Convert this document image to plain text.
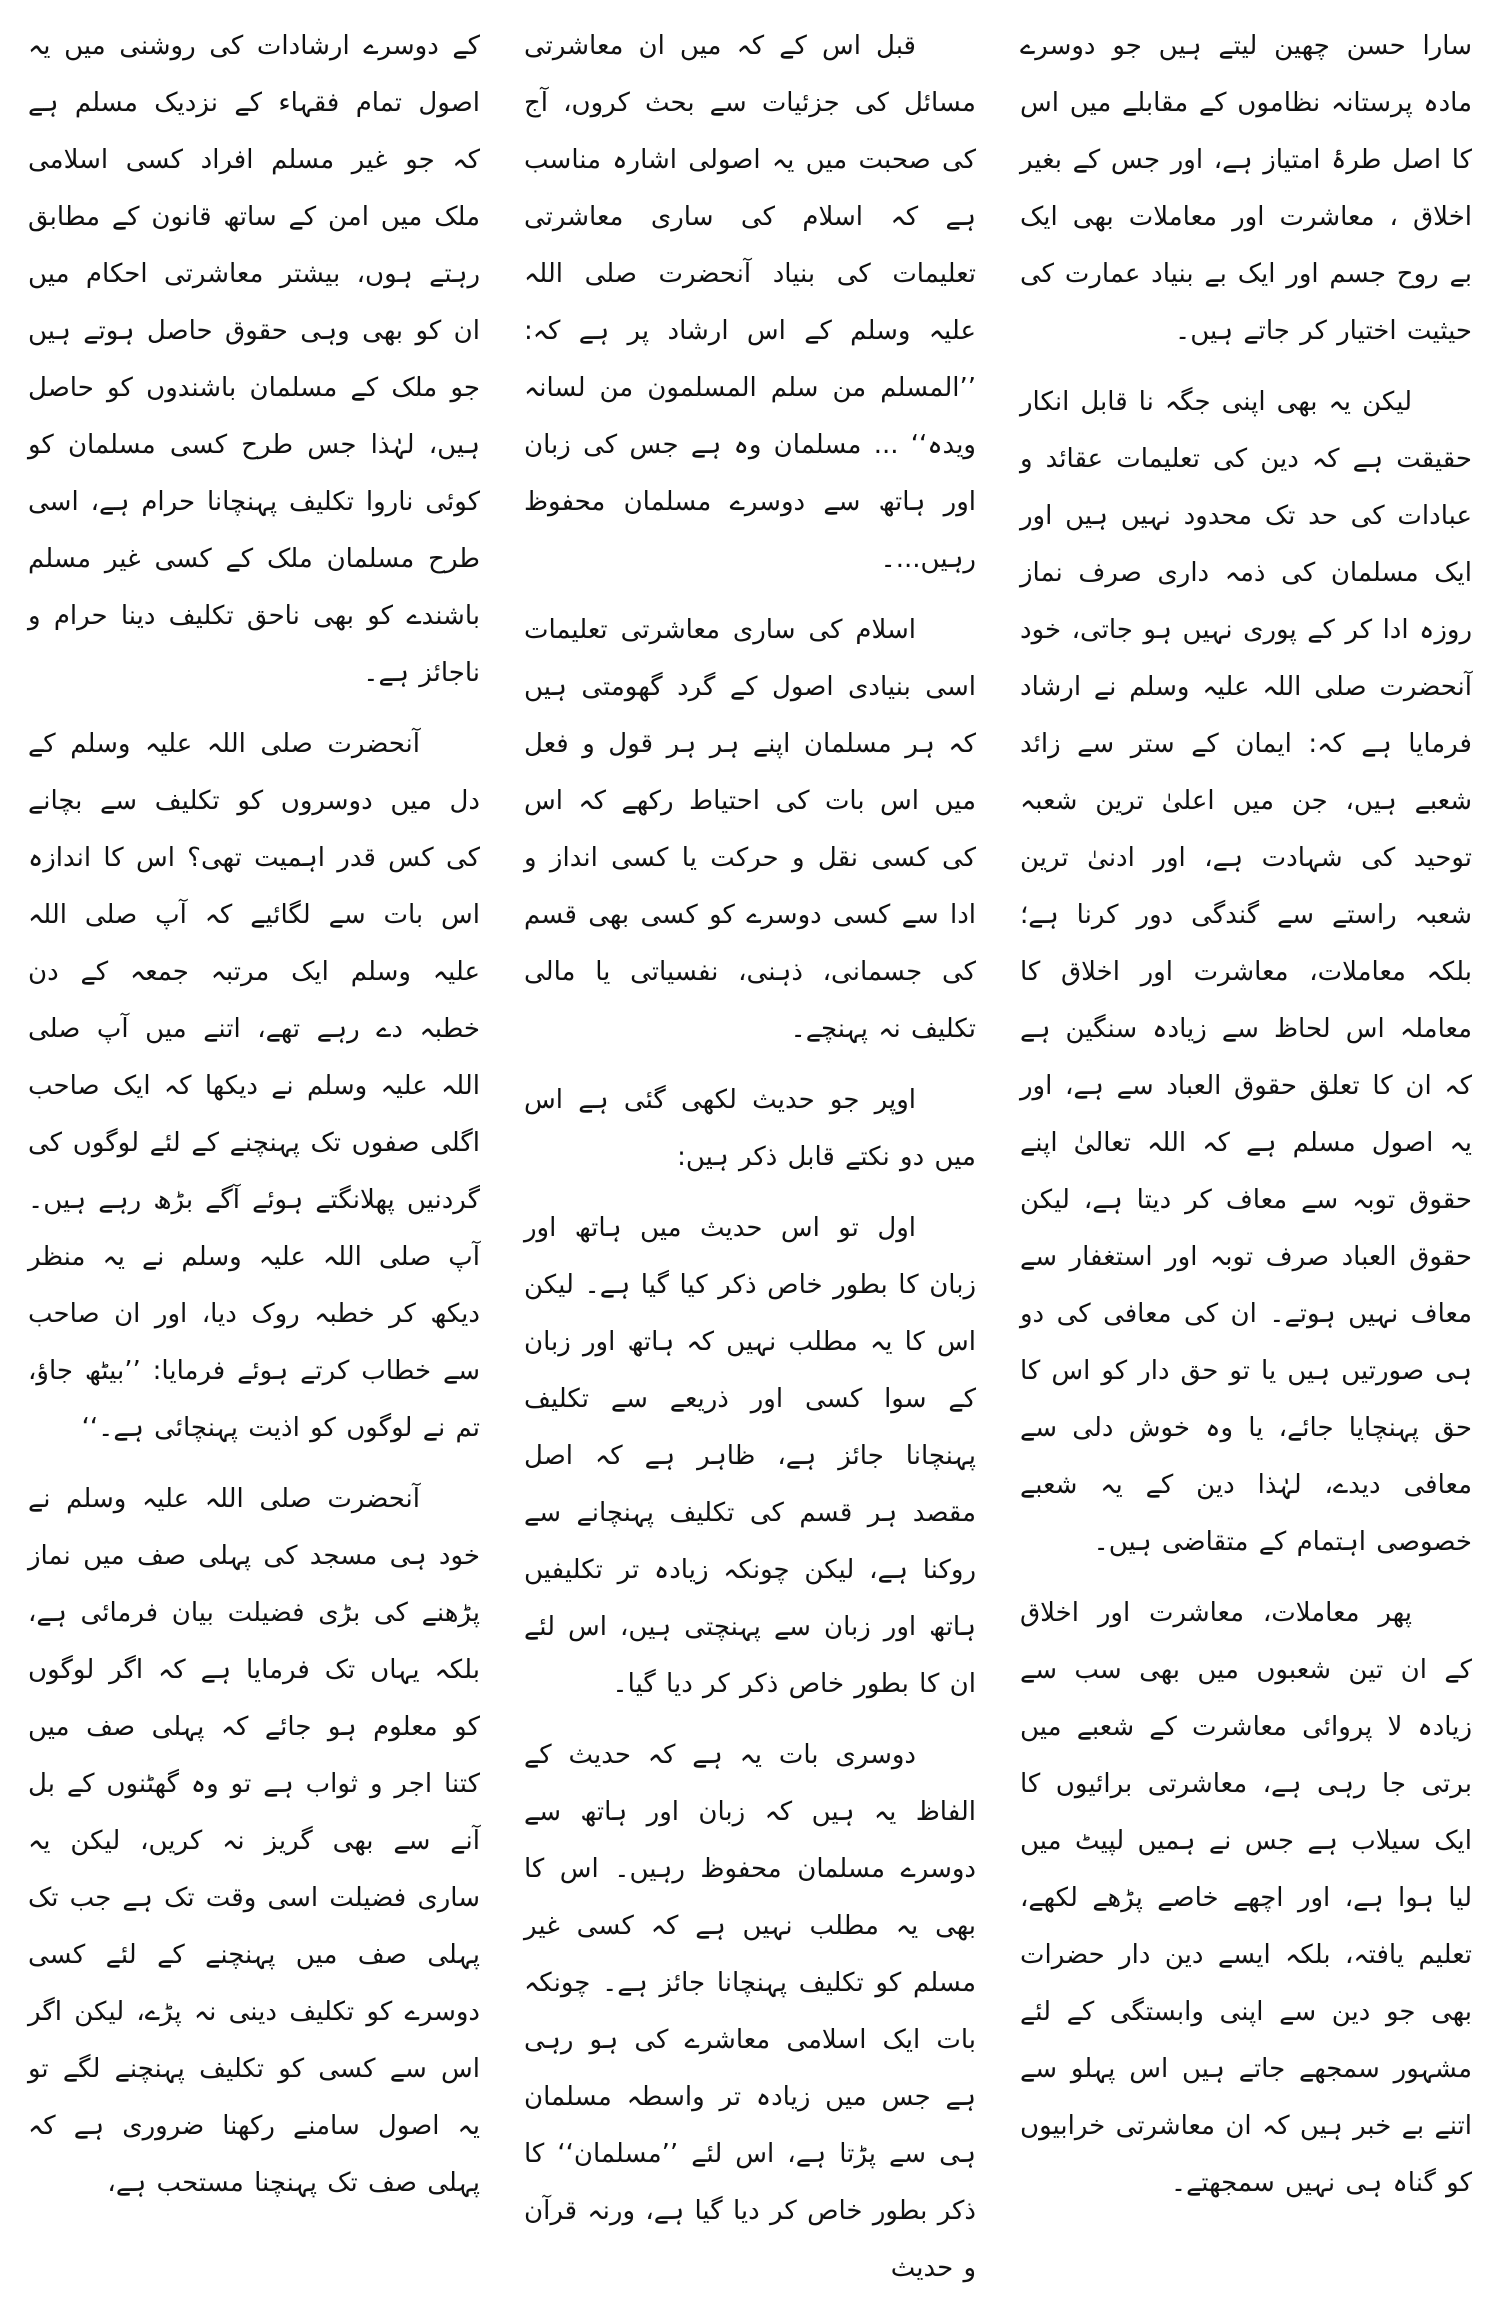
سارا حسن چھین لیتے ہیں جو دوسرے مادہ پرستانہ نظاموں کے مقابلے میں اس کا اصل طرۂ امتیاز ہے، اور جس کے بغیر اخلاق ، معاشرت اور معاملات بھی ایک بے روح جسم اور ایک بے بنیاد عمارت کی حیثیت اختیار کر جاتے ہیں۔

لیکن یہ بھی اپنی جگہ نا قابل انکار حقیقت ہے کہ دین کی تعلیمات عقائد و عبادات کی حد تک محدود نہیں ہیں اور ایک مسلمان کی ذمہ داری صرف نماز روزہ ادا کر کے پوری نہیں ہو جاتی، خود آنحضرت صلی اللہ علیہ وسلم نے ارشاد فرمایا ہے کہ: ایمان کے ستر سے زائد شعبے ہیں، جن میں اعلیٰ ترین شعبہ توحید کی شہادت ہے، اور ادنیٰ ترین شعبہ راستے سے گندگی دور کرنا ہے؛ بلکہ معاملات، معاشرت اور اخلاق کا معاملہ اس لحاظ سے زیادہ سنگین ہے کہ ان کا تعلق حقوق العباد سے ہے، اور یہ اصول مسلم ہے کہ اللہ تعالیٰ اپنے حقوق توبہ سے معاف کر دیتا ہے، لیکن حقوق العباد صرف توبہ اور استغفار سے معاف نہیں ہوتے۔ ان کی معافی کی دو ہی صورتیں ہیں یا تو حق دار کو اس کا حق پہنچایا جائے، یا وہ خوش دلی سے معافی دیدے، لہٰذا دین کے یہ شعبے خصوصی اہتمام کے متقاضی ہیں۔

پھر معاملات، معاشرت اور اخلاق کے ان تین شعبوں میں بھی سب سے زیادہ لا پروائی معاشرت کے شعبے میں برتی جا رہی ہے، معاشرتی برائیوں کا ایک سیلاب ہے جس نے ہمیں لپیٹ میں لیا ہوا ہے، اور اچھے خاصے پڑھے لکھے، تعلیم یافتہ، بلکہ ایسے دین دار حضرات بھی جو دین سے اپنی وابستگی کے لئے مشہور سمجھے جاتے ہیں اس پہلو سے اتنے بے خبر ہیں کہ ان معاشرتی خرابیوں کو گناہ ہی نہیں سمجھتے۔

قبل اس کے کہ میں ان معاشرتی مسائل کی جزئیات سے بحث کروں، آج کی صحبت میں یہ اصولی اشارہ مناسب ہے کہ اسلام کی ساری معاشرتی تعلیمات کی بنیاد آنحضرت صلی اللہ علیہ وسلم کے اس ارشاد پر ہے کہ: ’’المسلم من سلم المسلمون من لسانہ ویدہ‘‘ ... مسلمان وہ ہے جس کی زبان اور ہاتھ سے دوسرے مسلمان محفوظ رہیں...۔

اسلام کی ساری معاشرتی تعلیمات اسی بنیادی اصول کے گرد گھومتی ہیں کہ ہر مسلمان اپنے ہر ہر قول و فعل میں اس بات کی احتیاط رکھے کہ اس کی کسی نقل و حرکت یا کسی انداز و ادا سے کسی دوسرے کو کسی بھی قسم کی جسمانی، ذہنی، نفسیاتی یا مالی تکلیف نہ پہنچے۔

اوپر جو حدیث لکھی گئی ہے اس میں دو نکتے قابل ذکر ہیں:

اول تو اس حدیث میں ہاتھ اور زبان کا بطور خاص ذکر کیا گیا ہے۔ لیکن اس کا یہ مطلب نہیں کہ ہاتھ اور زبان کے سوا کسی اور ذریعے سے تکلیف پہنچانا جائز ہے، ظاہر ہے کہ اصل مقصد ہر قسم کی تکلیف پہنچانے سے روکنا ہے، لیکن چونکہ زیادہ تر تکلیفیں ہاتھ اور زبان سے پہنچتی ہیں، اس لئے ان کا بطور خاص ذکر کر دیا گیا۔

دوسری بات یہ ہے کہ حدیث کے الفاظ یہ ہیں کہ زبان اور ہاتھ سے دوسرے مسلمان محفوظ رہیں۔ اس کا بھی یہ مطلب نہیں ہے کہ کسی غیر مسلم کو تکلیف پہنچانا جائز ہے۔ چونکہ بات ایک اسلامی معاشرے کی ہو رہی ہے جس میں زیادہ تر واسطہ مسلمان ہی سے پڑتا ہے، اس لئے ’’مسلمان‘‘ کا ذکر بطور خاص کر دیا گیا ہے، ورنہ قرآن و حدیث

کے دوسرے ارشادات کی روشنی میں یہ اصول تمام فقہاء کے نزدیک مسلم ہے کہ جو غیر مسلم افراد کسی اسلامی ملک میں امن کے ساتھ قانون کے مطابق رہتے ہوں، بیشتر معاشرتی احکام میں ان کو بھی وہی حقوق حاصل ہوتے ہیں جو ملک کے مسلمان باشندوں کو حاصل ہیں، لہٰذا جس طرح کسی مسلمان کو کوئی ناروا تکلیف پہنچانا حرام ہے، اسی طرح مسلمان ملک کے کسی غیر مسلم باشندے کو بھی ناحق تکلیف دینا حرام و ناجائز ہے۔

آنحضرت صلی اللہ علیہ وسلم کے دل میں دوسروں کو تکلیف سے بچانے کی کس قدر اہمیت تھی؟ اس کا اندازہ اس بات سے لگائیے کہ آپ صلی اللہ علیہ وسلم ایک مرتبہ جمعہ کے دن خطبہ دے رہے تھے، اتنے میں آپ صلی اللہ علیہ وسلم نے دیکھا کہ ایک صاحب اگلی صفوں تک پہنچنے کے لئے لوگوں کی گردنیں پھلانگتے ہوئے آگے بڑھ رہے ہیں۔ آپ صلی اللہ علیہ وسلم نے یہ منظر دیکھ کر خطبہ روک دیا، اور ان صاحب سے خطاب کرتے ہوئے فرمایا: ’’بیٹھ جاؤ، تم نے لوگوں کو اذیت پہنچائی ہے۔‘‘

آنحضرت صلی اللہ علیہ وسلم نے خود ہی مسجد کی پہلی صف میں نماز پڑھنے کی بڑی فضیلت بیان فرمائی ہے، بلکہ یہاں تک فرمایا ہے کہ اگر لوگوں کو معلوم ہو جائے کہ پہلی صف میں کتنا اجر و ثواب ہے تو وہ گھٹنوں کے بل آنے سے بھی گریز نہ کریں، لیکن یہ ساری فضیلت اسی وقت تک ہے جب تک پہلی صف میں پہنچنے کے لئے کسی دوسرے کو تکلیف دینی نہ پڑے، لیکن اگر اس سے کسی کو تکلیف پہنچنے لگے تو یہ اصول سامنے رکھنا ضروری ہے کہ پہلی صف تک پہنچنا مستحب ہے،
